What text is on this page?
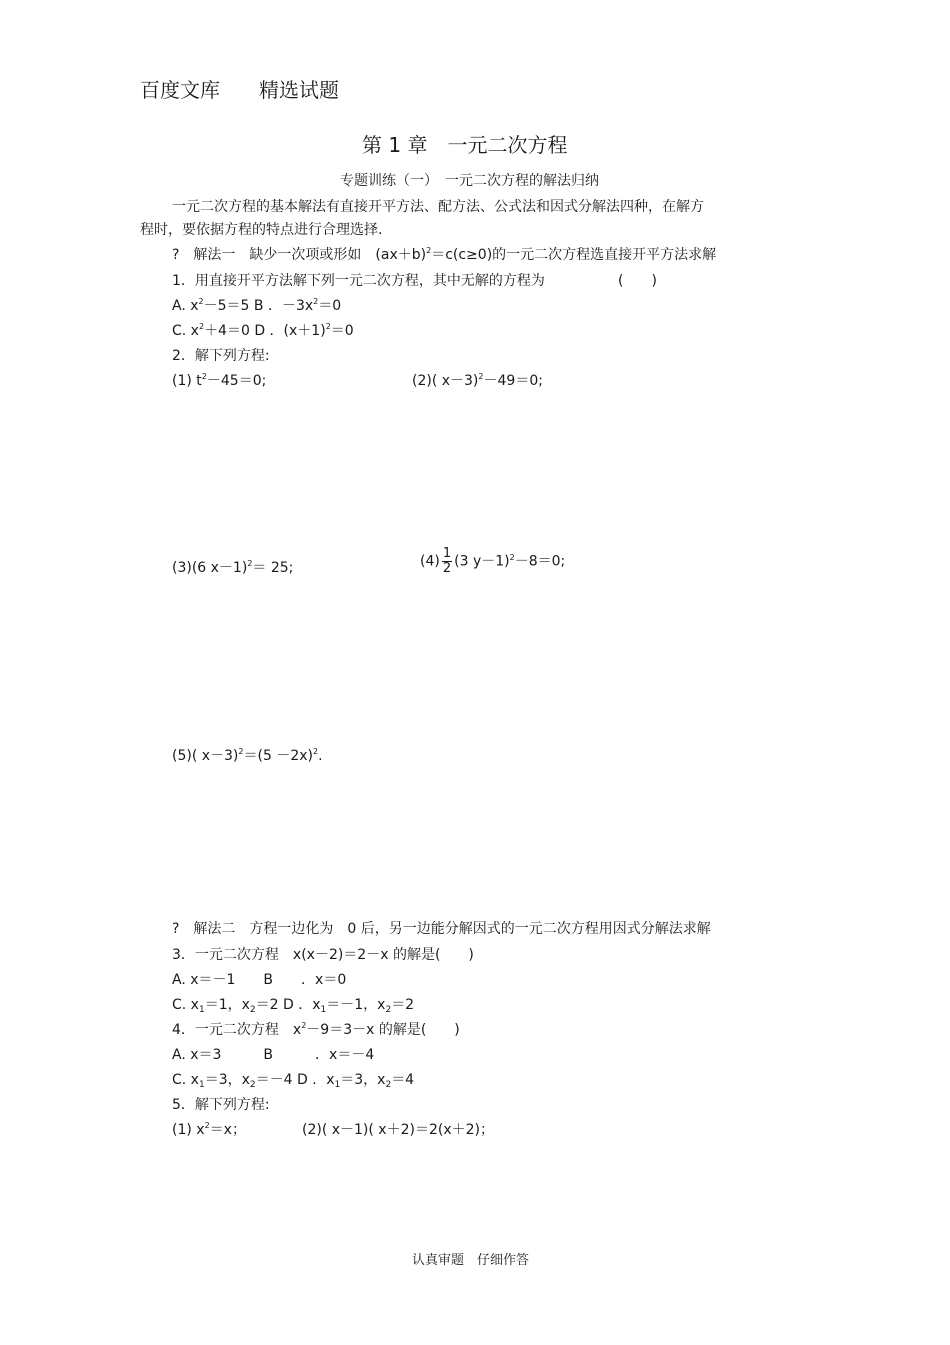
百度文库 精选试题
第 1 章　一元二次方程
专题训练（一）　一元二次方程的解法归纳
一元二次方程的基本解法有直接开平方法、配方法、公式法和因式分解法四种，在解方
程时，要依据方程的特点进行合理选择.
?　解法一　缺少一次项或形如　$(ax+b)^2=c(c\ge 0)$的一元二次方程选直接开平方法求解
1．用直接开平方法解下列一元二次方程，其中无解的方程为	(　　)
A. $x^2-5=5$ B ．$-3x^2=0$
C. $x^2+4=0$ D ．$(x+1)^2=0$
2．解下列方程:
(1) $t^2-45=0$;	(2)( x－3)$^2$－49＝0;
(3)(6 x－1)$^2$＝ 25;	$(4) \frac{1}{2} (3$ y－1)$^2$－8＝0;
(5)( $x-3)^2=(5 -2x)^2$.
?　解法二　方程一边化为　0 后，另一边能分解因式的一元二次方程用因式分解法求解
3．一元二次方程　x(x－2)＝2－x 的解是(　　)
A. x＝－1　　B　　．x＝0
C. $x_1=1$，$x_2=2$ D ．$x_1=-1$，$x_2=2$
4．一元二次方程　$x^2-9=3-x$ 的解是(　　)
A. x＝3　　　B　　　．x＝－4
C. $x_1=3$，$x_2=-4$ D ．$x_1=3$，$x_2=4$
5．解下列方程:
(1) $x^2=x$；	(2)( x－1)( x＋2)＝2(x＋2)；
认真审题　仔细作答
